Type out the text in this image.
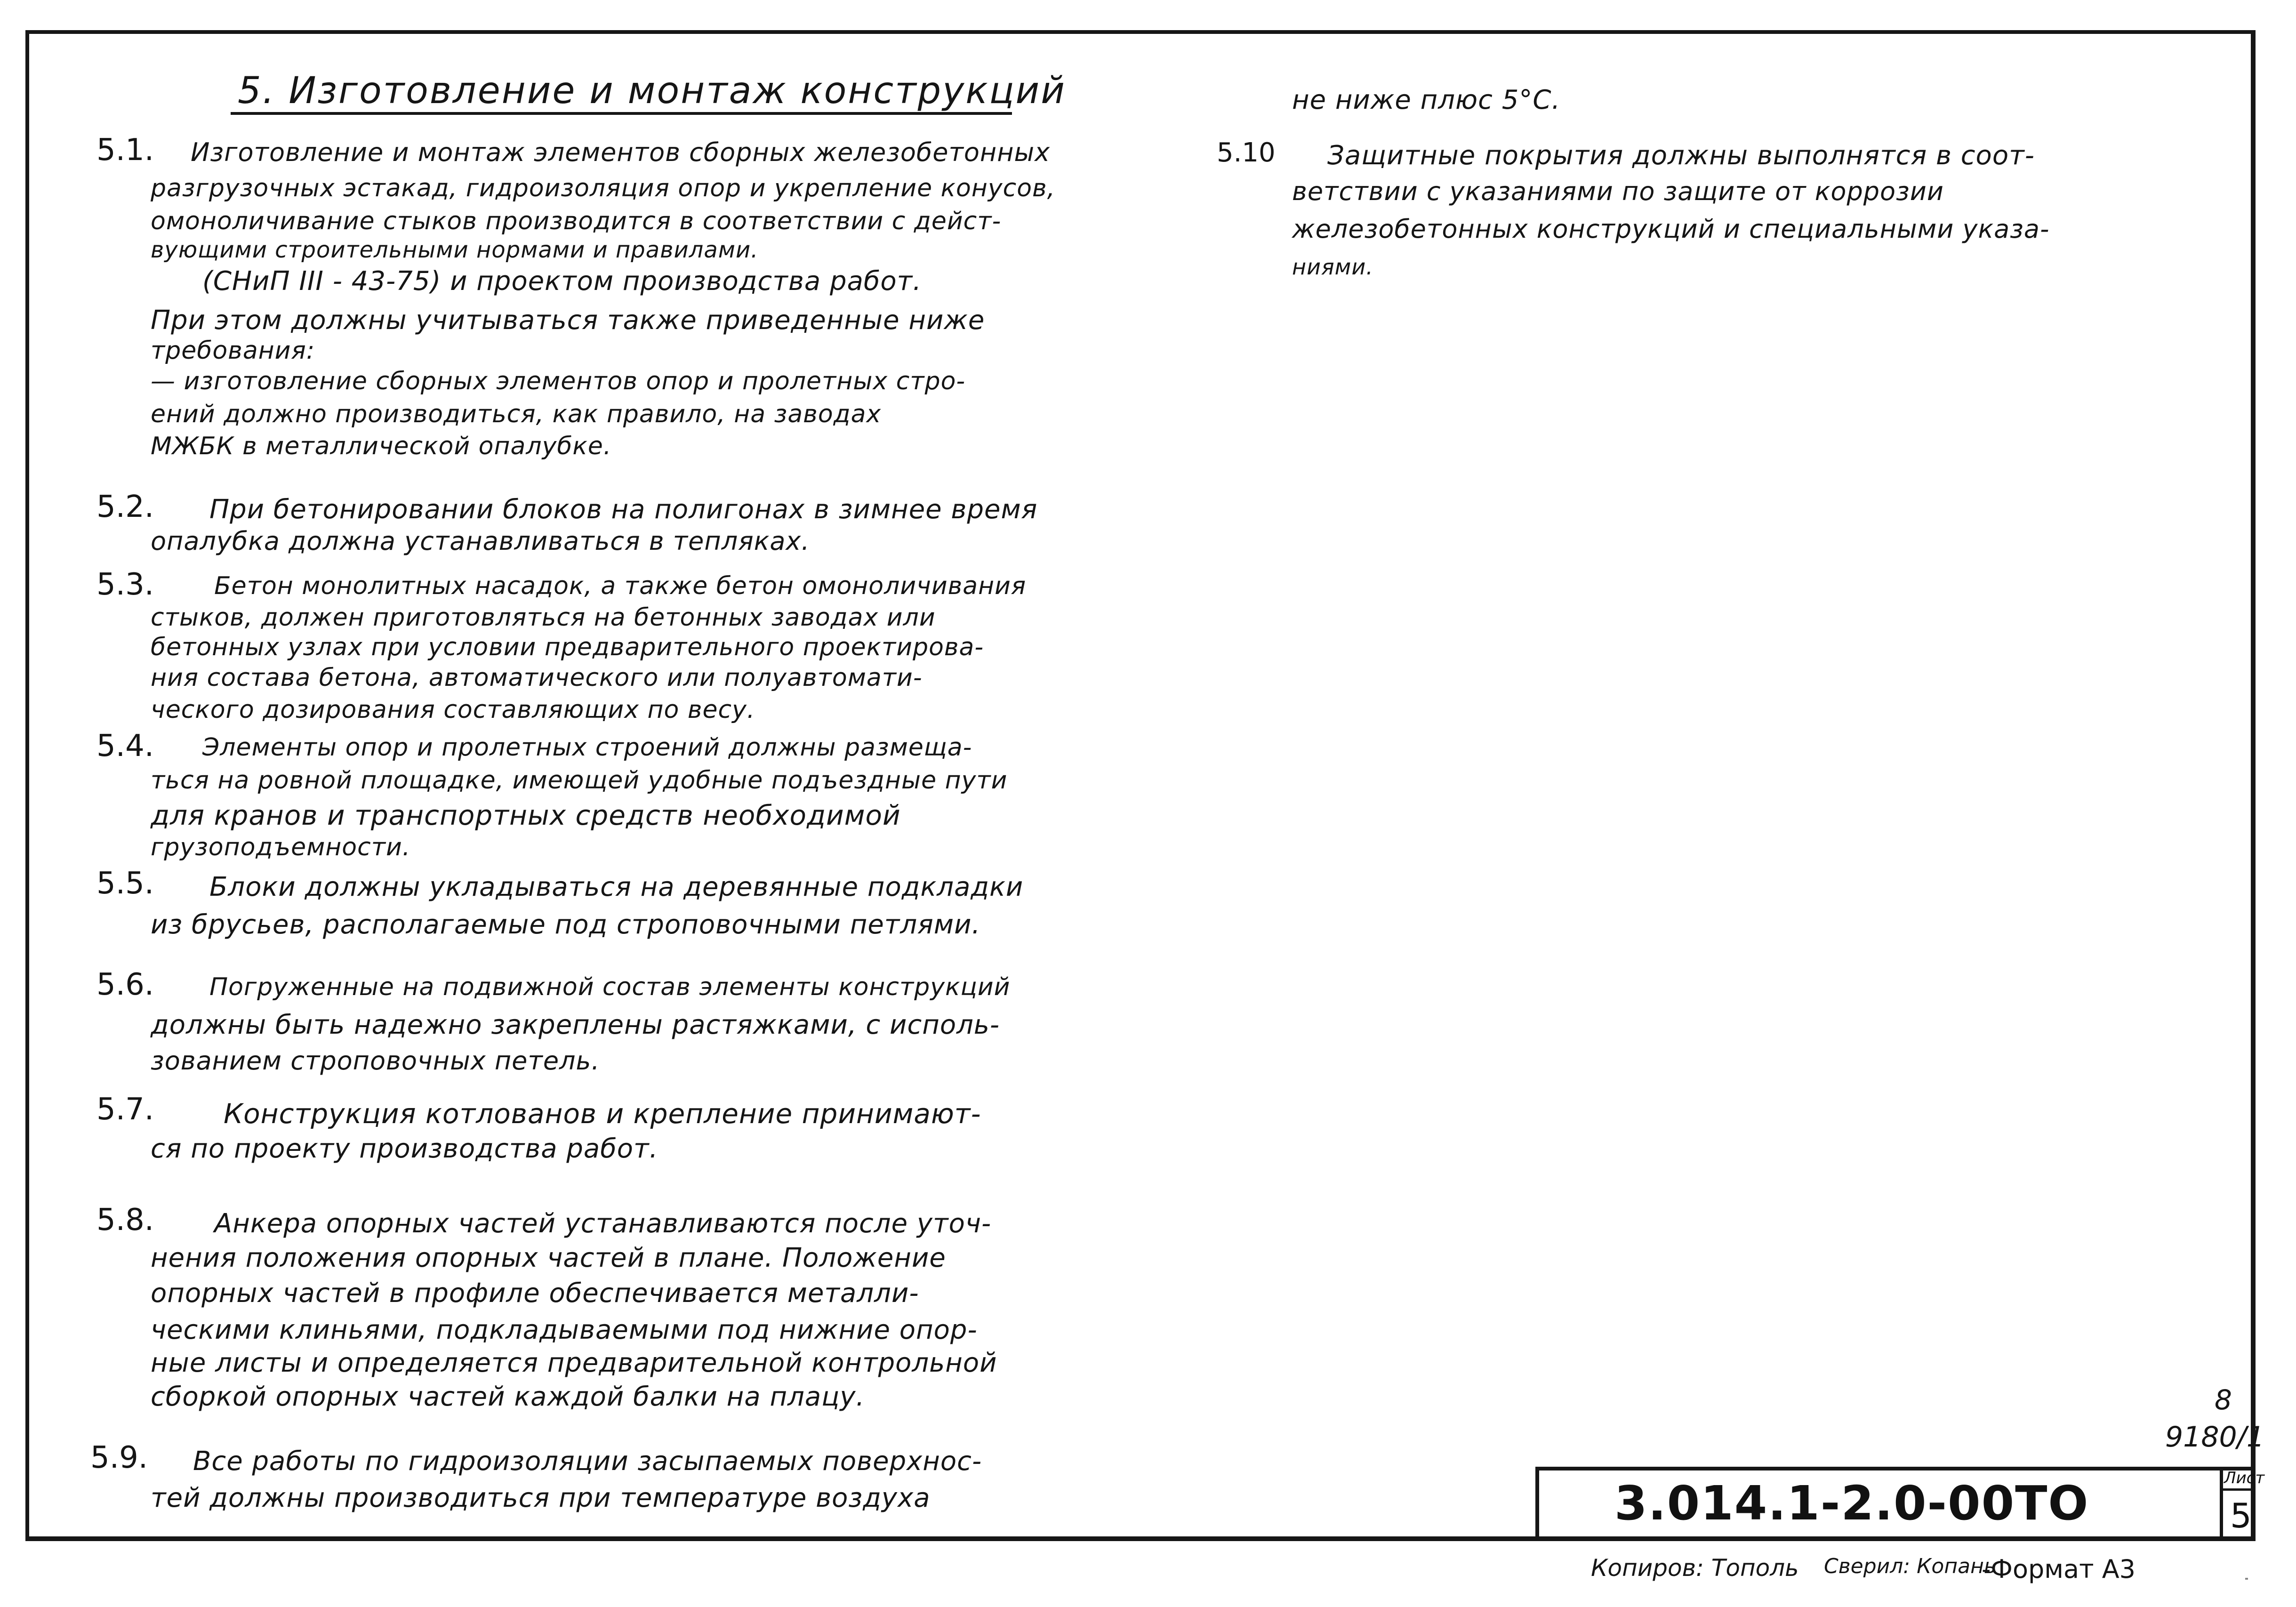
5. Изготовление и монтаж конструкций
5.1. Изготовление и монтаж элементов сборных железобетонных
разгрузочных эстакад, гидроизоляция опор и укрепление конусов,
омоноличивание стыков производится в соответствии с дейст-
вующими строительными нормами и правилами.
(СНиП III - 43-75) и проектом производства работ.
При этом должны учитываться также приведенные ниже
требования:
— изготовление сборных элементов опор и пролетных стро-
ений должно производиться, как правило, на заводах
МЖБК в металлической опалубке.
5.2. При бетонировании блоков на полигонах в зимнее время
опалубка должна устанавливаться в тепляках.
5.3. Бетон монолитных насадок, а также бетон омоноличивания
стыков, должен приготовляться на бетонных заводах или
бетонных узлах при условии предварительного проектирова-
ния состава бетона, автоматического или полуавтомати-
ческого дозирования составляющих по весу.
5.4. Элементы опор и пролетных строений должны размеща-
ться на ровной площадке, имеющей удобные подъездные пути
для кранов и транспортных средств необходимой
грузоподъемности.
5.5. Блоки должны укладываться на деревянные подкладки
из брусьев, располагаемые под строповочными петлями.
5.6. Погруженные на подвижной состав элементы конструкций
должны быть надежно закреплены растяжками, с исполь-
зованием строповочных петель.
5.7.	Конструкция котлованов и крепление принимают-
ся по проекту производства работ.
5.8. Анкера опорных частей устанавливаются после уточ-
нения положения опорных частей в плане. Положение
опорных частей в профиле обеспечивается металли-
ческими клиньями, подкладываемыми под нижние опор-
ные листы и определяется предварительной контрольной
сборкой опорных частей каждой балки на плацу.
5.9. Все работы по гидроизоляции засыпаемых поверхнос-
тей должны производиться при температуре воздуха
не ниже плюс 5°С.
5.10 Защитные покрытия должны выполнятся в соот-
ветствии с указаниями по защите от коррозии
железобетонных конструкций и специальными указа-
ниями.
8
9180/1
3.014.1-2.0-00ТО	Лист
5
Копиров: Тополь Сверил: Копань
-Формат А3
